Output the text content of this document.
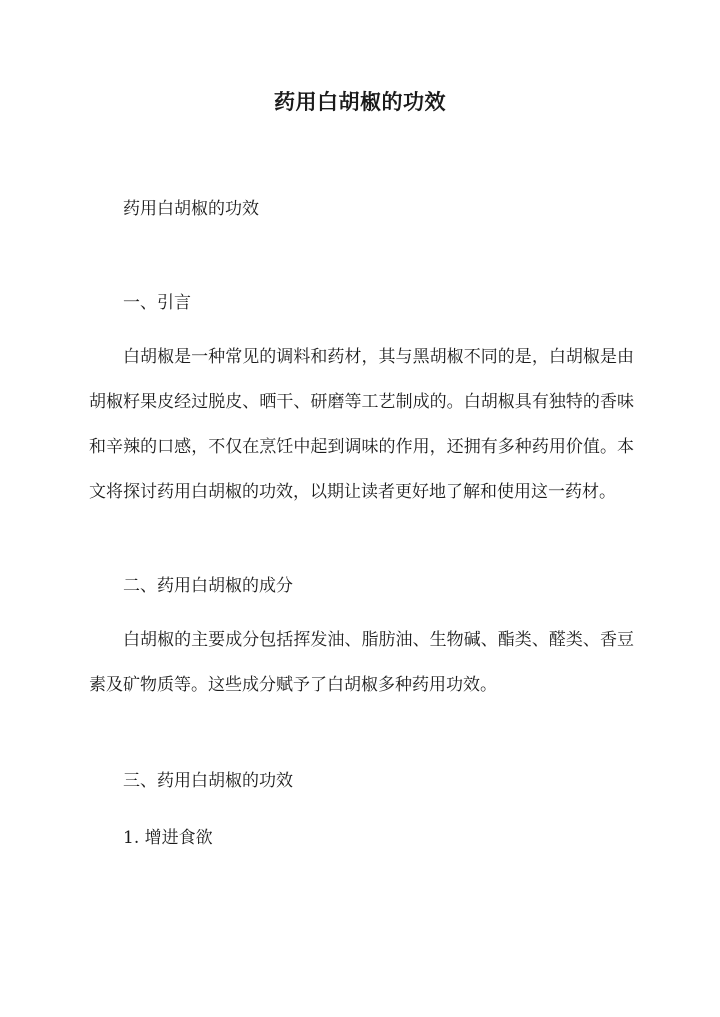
药用白胡椒的功效
药用白胡椒的功效
一、引言
白胡椒是一种常见的调料和药材，其与黑胡椒不同的是，白胡椒是由胡椒籽果皮经过脱皮、晒干、研磨等工艺制成的。白胡椒具有独特的香味和辛辣的口感，不仅在烹饪中起到调味的作用，还拥有多种药用价值。本文将探讨药用白胡椒的功效，以期让读者更好地了解和使用这一药材。
二、药用白胡椒的成分
白胡椒的主要成分包括挥发油、脂肪油、生物碱、酯类、醛类、香豆素及矿物质等。这些成分赋予了白胡椒多种药用功效。
三、药用白胡椒的功效
1. 增进食欲
